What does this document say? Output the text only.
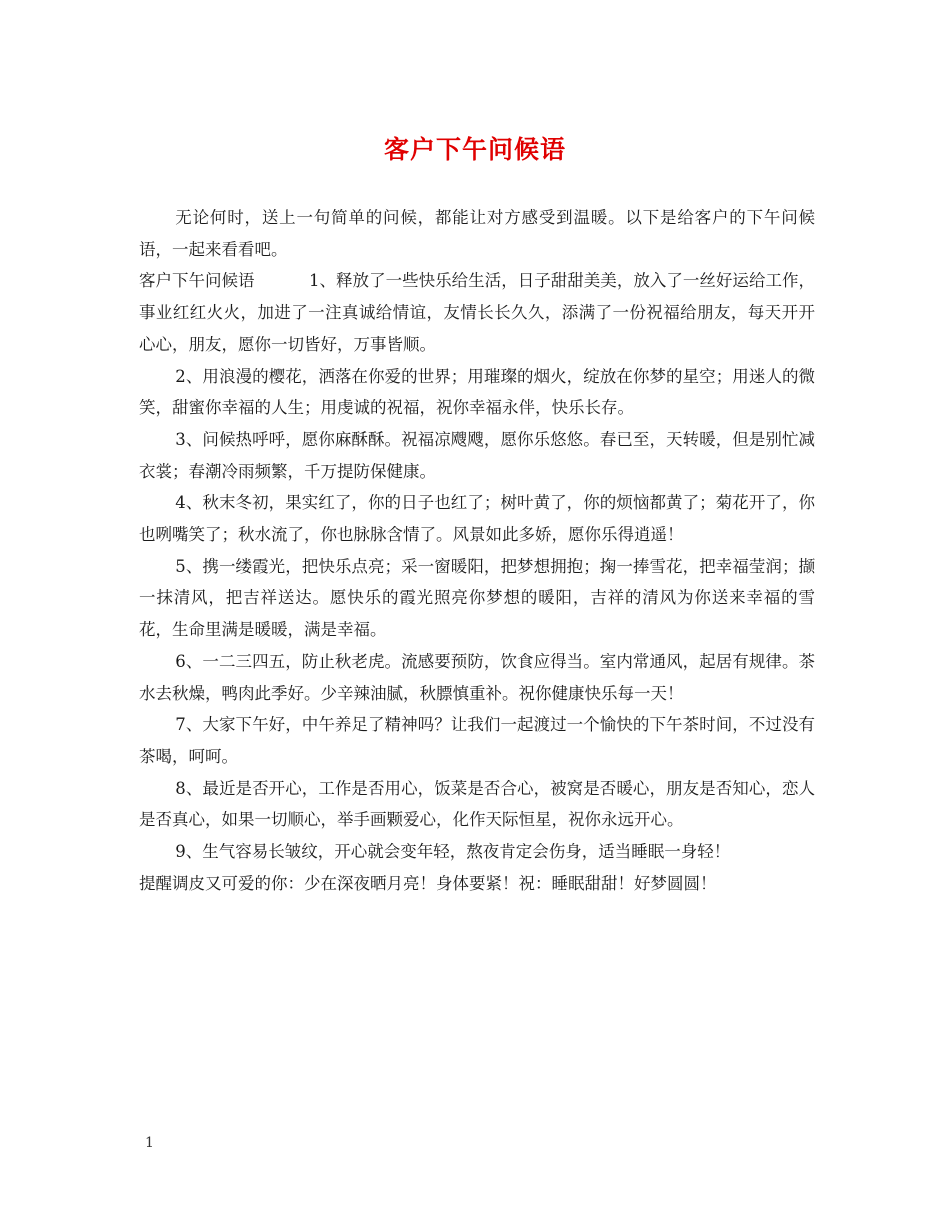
客户下午问候语

无论何时，送上一句简单的问候，都能让对方感受到温暖。以下是给客户的下午问候语，一起来看看吧。

客户下午问候语	1、释放了一些快乐给生活，日子甜甜美美，放入了一丝好运给工作，事业红红火火，加进了一注真诚给情谊，友情长长久久，添满了一份祝福给朋友，每天开开心心，朋友，愿你一切皆好，万事皆顺。

2、用浪漫的樱花，洒落在你爱的世界；用璀璨的烟火，绽放在你梦的星空；用迷人的微笑，甜蜜你幸福的人生；用虔诚的祝福，祝你幸福永伴，快乐长存。

3、问候热呼呼，愿你麻酥酥。祝福凉飕飕，愿你乐悠悠。春已至，天转暖，但是别忙减衣裳；春潮冷雨频繁，千万提防保健康。

4、秋末冬初，果实红了，你的日子也红了；树叶黄了，你的烦恼都黄了；菊花开了，你也咧嘴笑了；秋水流了，你也脉脉含情了。风景如此多娇，愿你乐得逍遥！

5、携一缕霞光，把快乐点亮；采一窗暖阳，把梦想拥抱；掬一捧雪花，把幸福莹润；撷一抹清风，把吉祥送达。愿快乐的霞光照亮你梦想的暖阳，吉祥的清风为你送来幸福的雪花，生命里满是暖暖，满是幸福。

6、一二三四五，防止秋老虎。流感要预防，饮食应得当。室内常通风，起居有规律。茶水去秋燥，鸭肉此季好。少辛辣油腻，秋膘慎重补。祝你健康快乐每一天！

7、大家下午好，中午养足了精神吗？让我们一起渡过一个愉快的下午茶时间，不过没有茶喝，呵呵。

8、最近是否开心，工作是否用心，饭菜是否合心，被窝是否暖心，朋友是否知心，恋人是否真心，如果一切顺心，举手画颗爱心，化作天际恒星，祝你永远开心。

9、生气容易长皱纹，开心就会变年轻，熬夜肯定会伤身，适当睡眠一身轻！

提醒调皮又可爱的你：少在深夜晒月亮！身体要紧！祝：睡眠甜甜！好梦圆圆！

1
